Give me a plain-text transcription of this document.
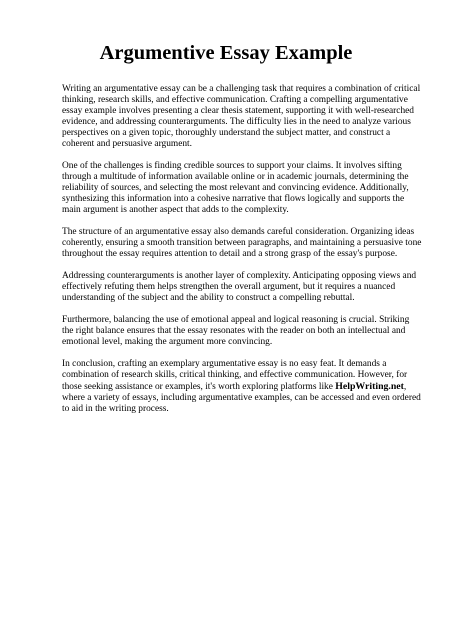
Argumentive Essay Example

Writing an argumentative essay can be a challenging task that requires a combination of critical thinking, research skills, and effective communication. Crafting a compelling argumentative essay example involves presenting a clear thesis statement, supporting it with well-researched evidence, and addressing counterarguments. The difficulty lies in the need to analyze various perspectives on a given topic, thoroughly understand the subject matter, and construct a coherent and persuasive argument.

One of the challenges is finding credible sources to support your claims. It involves sifting through a multitude of information available online or in academic journals, determining the reliability of sources, and selecting the most relevant and convincing evidence. Additionally, synthesizing this information into a cohesive narrative that flows logically and supports the main argument is another aspect that adds to the complexity.

The structure of an argumentative essay also demands careful consideration. Organizing ideas coherently, ensuring a smooth transition between paragraphs, and maintaining a persuasive tone throughout the essay requires attention to detail and a strong grasp of the essay's purpose.

Addressing counterarguments is another layer of complexity. Anticipating opposing views and effectively refuting them helps strengthen the overall argument, but it requires a nuanced understanding of the subject and the ability to construct a compelling rebuttal.

Furthermore, balancing the use of emotional appeal and logical reasoning is crucial. Striking the right balance ensures that the essay resonates with the reader on both an intellectual and emotional level, making the argument more convincing.

In conclusion, crafting an exemplary argumentative essay is no easy feat. It demands a combination of research skills, critical thinking, and effective communication. However, for those seeking assistance or examples, it's worth exploring platforms like HelpWriting.net, where a variety of essays, including argumentative examples, can be accessed and even ordered to aid in the writing process.
